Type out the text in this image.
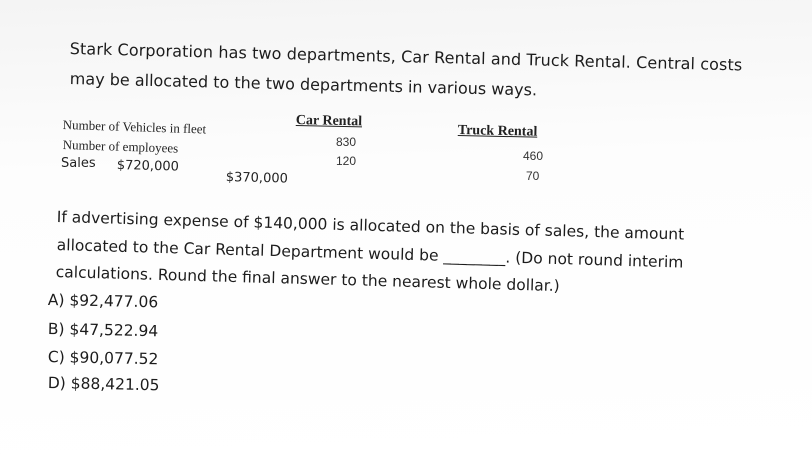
Stark Corporation has two departments, Car Rental and Truck Rental. Central costs

may be allocated to the two departments in various ways.

Car Rental
Truck Rental
Number of Vehicles in fleet
830
460
Number of employees
120
70
Sales $720,000
$370,000

If advertising expense of $140,000 is allocated on the basis of sales, the amount

allocated to the Car Rental Department would be ________. (Do not round interim

calculations. Round the final answer to the nearest whole dollar.)

A) $92,477.06
B) $47,522.94
C) $90,077.52
D) $88,421.05
